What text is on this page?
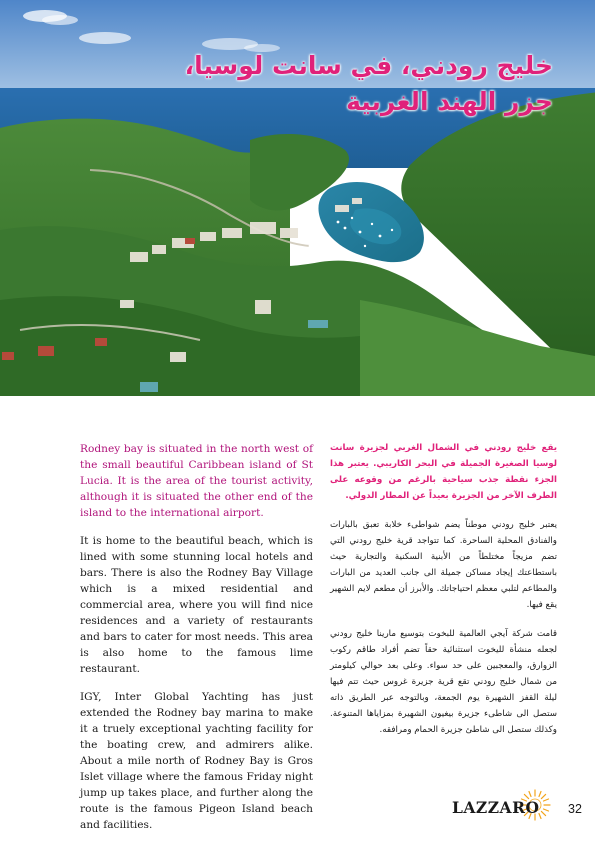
خليج رودني، في سانت لوسيا،
جزر الهند الغربية

Rodney bay is situated in the north west of the small beautiful Caribbean island of St Lucia. It is the area of the tourist activity, although it is situated the other end of the island to the international airport.

It is home to the beautiful beach, which is lined with some stunning local hotels and bars. There is also the Rodney Bay Village which is a mixed residential and commercial area, where you will find nice residences and a variety of restaurants and bars to cater for most needs. This area is also home to the famous lime restaurant.

IGY, Inter Global Yachting has just extended the Rodney bay marina to make it a truely exceptional yachting facility for the boating crew, and admirers alike. About a mile north of Rodney Bay is Gros Islet village where the famous Friday night jump up takes place, and further along the route is the famous Pigeon Island beach and facilities.

يقع خليج رودني في الشمال الغربي لجزيرة سانت لوسيا الصغيرة الجميلة في البحر الكاريبي. يعتبر هذا الجزء نقطة جذب سياحية بالرغم من وقوعه على الطرف الآخر من الجزيرة بعيداً عن المطار الدولي.

يعتبر خليج رودني موطناً يضم شواطىء خلابة تعبق بالبارات والفنادق المحلية الساحرة. كما تتواجد قرية خليج رودني التي تضم مزيجاً مختلطاً من الأبنية السكنية والتجارية حيث باستطاعتك إيجاد مساكن جميلة الى جانب العديد من البارات والمطاعم لتلبي معظم احتياجاتك. والأبرز أن مطعم لايم الشهير يقع فيها.

قامت شركة آيجي العالمية للبخوت بتوسيع مارينا خليج رودني لجعله منشأة لليخوت استثنائية حقاً تضم أفراد طاقم ركوب الزوارق، والمعجبين على حد سواء. وعلى بعد حوالي كيلومتر من شمال خليج رودني تقع قرية جزيرة غروس حيث تتم فيها ليلة القفز الشهيرة يوم الجمعة، وبالتوجه عبر الطريق ذاته ستصل الى شاطىء جزيرة بيغيون الشهيرة بمزاياها المتنوعة. وكذلك ستصل الى شاطئ جزيرة الحمام ومرافقه.

LAZZARO 32
